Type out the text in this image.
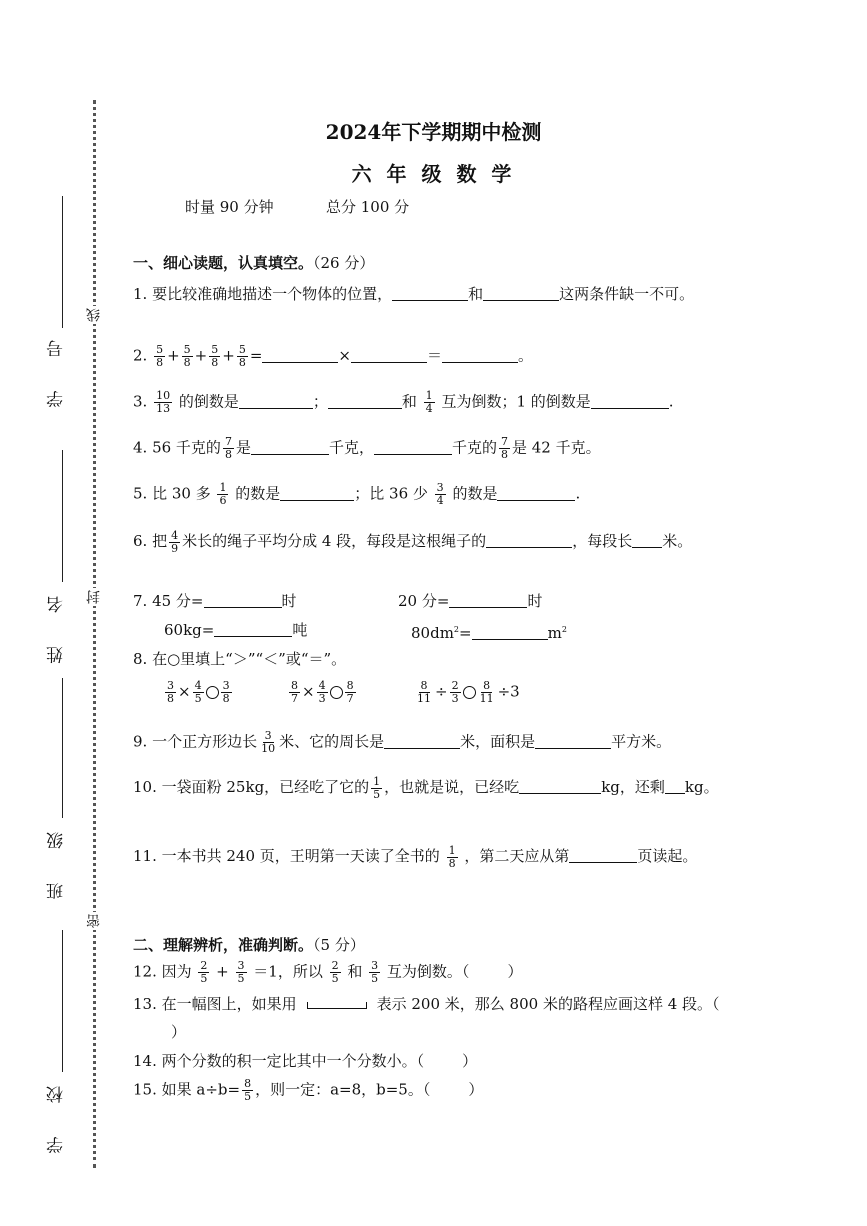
线
封
密
学 号
姓 名
班 级
学 校
2024年下学期期中检测
六 年 级 数 学
时量 90 分钟	总分 100 分
一、细心读题，认真填空。（26 分）
1. 要比较准确地描述一个物体的位置，	和	这两条件缺一不可。
2. $\frac{5}{8} + \frac{5}{8} + \frac{5}{8} + \frac{5}{8}$ =	×	＝	。
3. $\frac{10}{13}$ 的倒数是	；	和 $\frac{1}{4}$ 互为倒数；1 的倒数是	.
4. 56 千克的 $\frac{7}{8}$ 是	千克，	千克的 $\frac{7}{8}$ 是 42 千克。
5. 比 30 多 $\frac{1}{6}$ 的数是	；比 36 少 $\frac{3}{4}$ 的数是	.
6. 把 $\frac{4}{9}$ 米长的绳子平均分成 4 段，每段是这根绳子的	，每段长 米。
7. 45 分=	时	20 分=	时
60kg=	吨	$80dm^2=$	$m^2$
8. 在○里填上“＞”“＜”或“＝”。
$\frac{3}{8} \times \frac{4}{5} \frac{3}{8}$	$\frac{8}{7} \times \frac{4}{3} \frac{8}{7}$	$\frac{8}{11} \div \frac{2}{3} \frac{8}{11} \div 3$
9. 一个正方形边长 $\frac{3}{10}$ 米、它的周长是	米，面积是	平方米。
10. 一袋面粉 25kg，已经吃了它的 $\frac{1}{5}$ ，也就是说，已经吃	kg，还剩 kg。
11. 一本书共 240 页，王明第一天读了全书的 $\frac{1}{8}$ ，第二天应从第	页读起。
二、理解辨析，准确判断。（5 分）
12. 因为 $\frac{2}{5} + \frac{3}{5} =1$，所以 $\frac{2}{5}$ 和 $\frac{3}{5}$ 互为倒数。（	）
13. 在一幅图上，如果用	表示 200 米，那么 800 米的路程应画这样 4 段。（）
14. 两个分数的积一定比其中一个分数小。（	）
15. 如果 $a\div b= \frac{8}{5}$ ，则一定：a=8，b=5。（	）
